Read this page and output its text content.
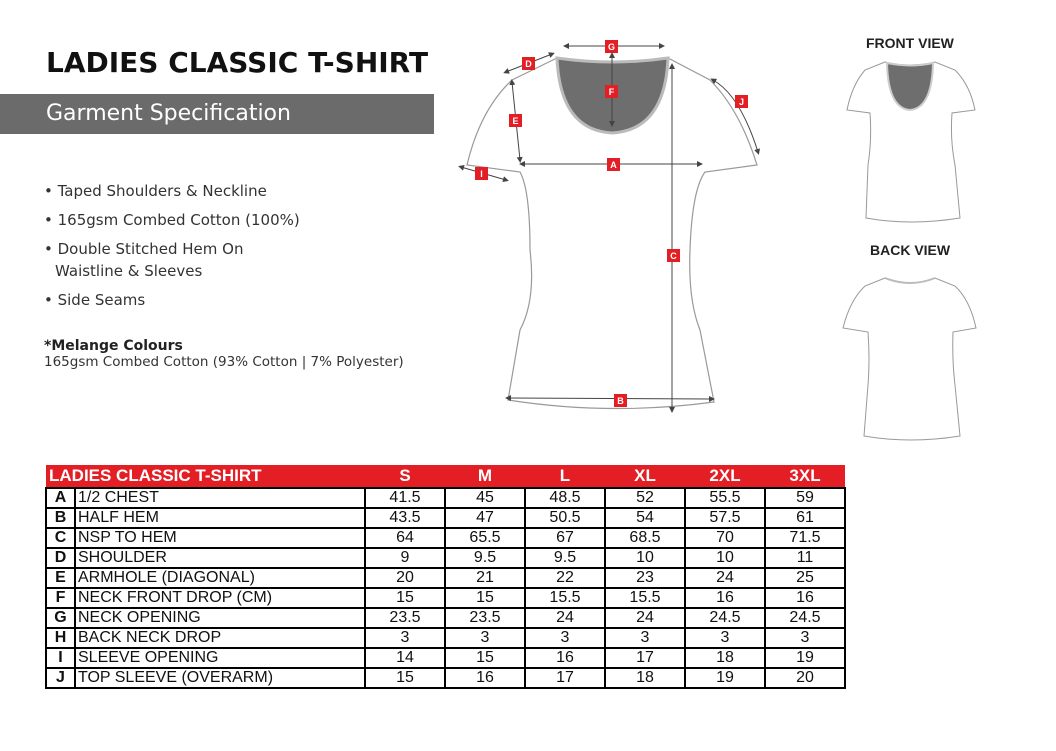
LADIES CLASSIC T-SHIRT
Garment Specification
• Taped Shoulders & Neckline
• 165gsm Combed Cotton (100%)
• Double Stitched Hem On
Waistline & Sleeves
• Side Seams
*Melange Colours
165gsm Combed Cotton (93% Cotton | 7% Polyester)
G
D
F
E
J
A
I
C
B
FRONT VIEW
BACK VIEW
LADIES CLASSIC T-SHIRT	S	M	L	XL	2XL	3XL
A	1/2 CHEST	41.5	45	48.5	52	55.5	59
B	HALF HEM	43.5	47	50.5	54	57.5	61
C	NSP TO HEM	64	65.5	67	68.5	70	71.5
D	SHOULDER	9	9.5	9.5	10	10	11
E	ARMHOLE (DIAGONAL)	20	21	22	23	24	25
F	NECK FRONT DROP (CM)	15	15	15.5	15.5	16	16
G	NECK OPENING	23.5	23.5	24	24	24.5	24.5
H	BACK NECK DROP	3	3	3	3	3	3
I	SLEEVE OPENING	14	15	16	17	18	19
J	TOP SLEEVE (OVERARM)	15	16	17	18	19	20
